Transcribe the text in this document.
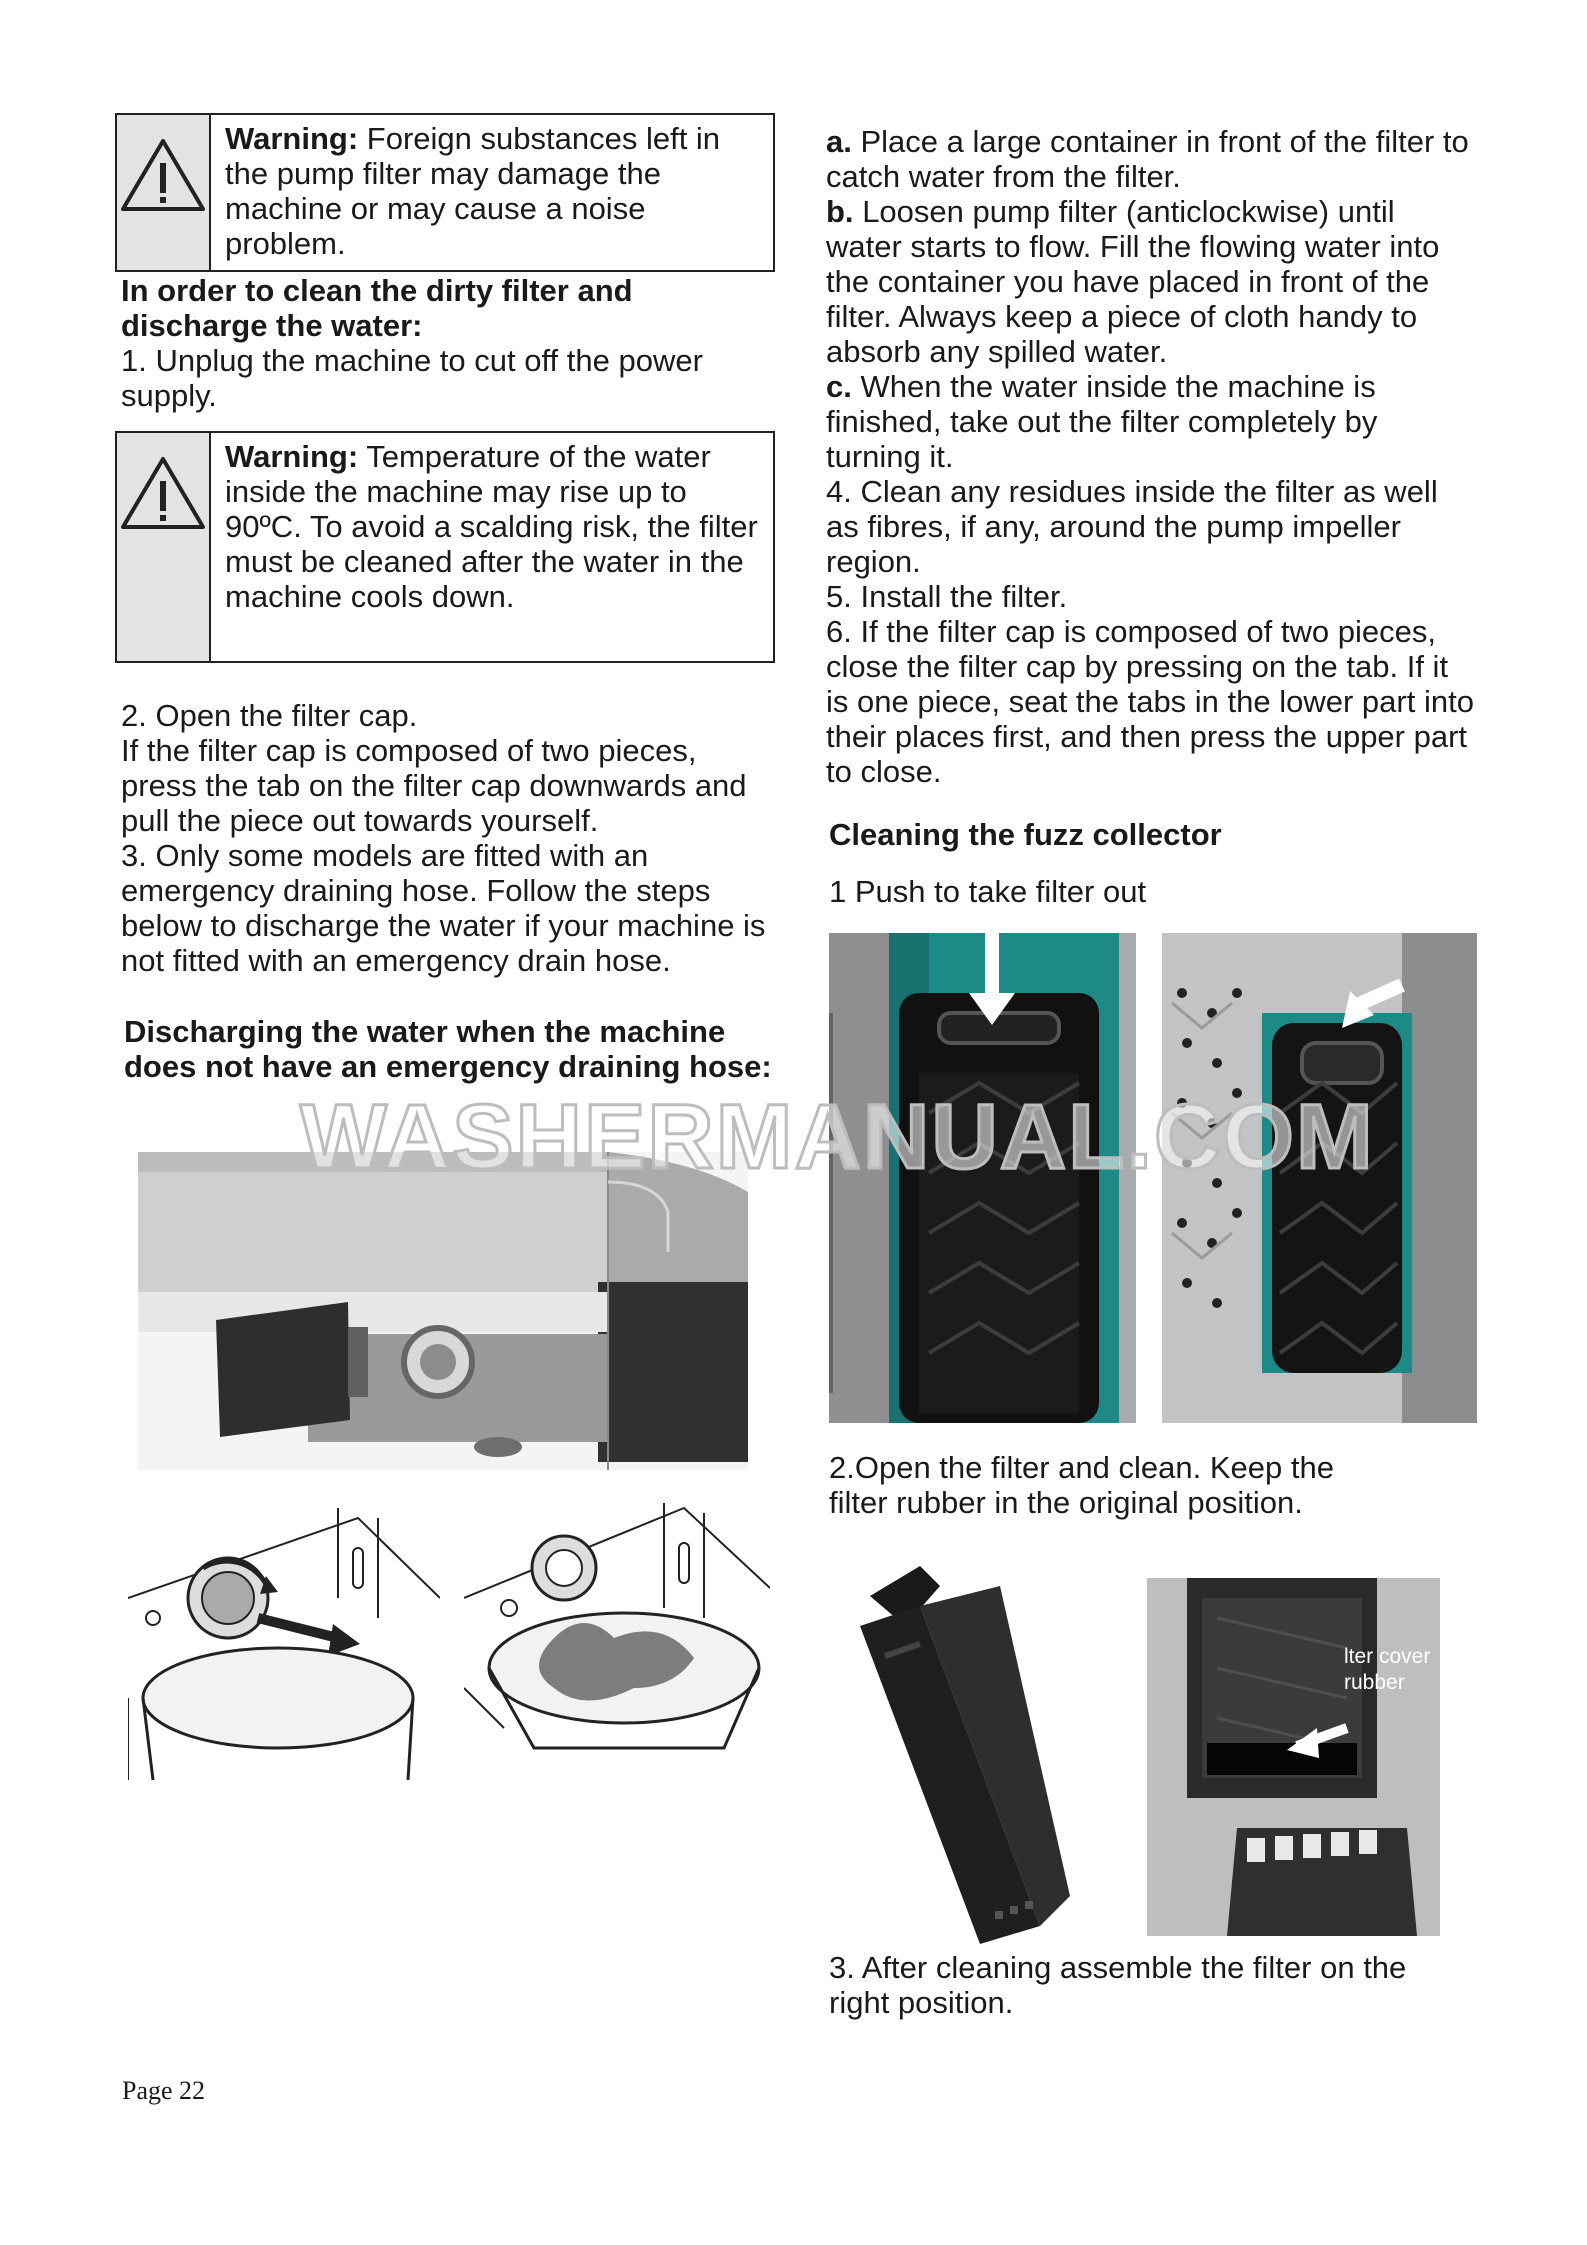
Warning: Foreign substances left in the pump filter may damage the machine or may cause a noise problem.

In order to clean the dirty filter and discharge the water:

1. Unplug the machine to cut off the power supply.

Warning: Temperature of the water
inside the machine may rise up to 90ºC. To avoid a scalding risk, the filter must be cleaned after the water in the machine cools down.

2. Open the filter cap.

If the filter cap is composed of two pieces, press the tab on the filter cap downwards and pull the piece out towards yourself.

3. Only some models are fitted with an emergency draining hose. Follow the steps below to discharge the water if your machine is not fitted with an emergency drain hose.

Discharging the water when the machine does not have an emergency draining hose:

a. Place a large container in front of the filter to catch water from the filter.

b. Loosen pump filter (anticlockwise) until water starts to flow. Fill the flowing water into the container you have placed in front of the filter. Always keep a piece of cloth handy to absorb any spilled water.

c. When the water inside the machine is finished, take out the filter completely by turning it.

4. Clean any residues inside the filter as well as fibres, if any, around the pump impeller region.

5. Install the filter.

6. If the filter cap is composed of two pieces, close the filter cap by pressing on the tab. If it is one piece, seat the tabs in the lower part into their places first, and then press the upper part to close.

Cleaning the fuzz collector
1 Push to take filter out
2.Open the filter and clean. Keep the filter rubber in the original position.
lter cover
rubber
3. After cleaning assemble the filter on the right position.
WASHERMANUAL.COM
Page 22
